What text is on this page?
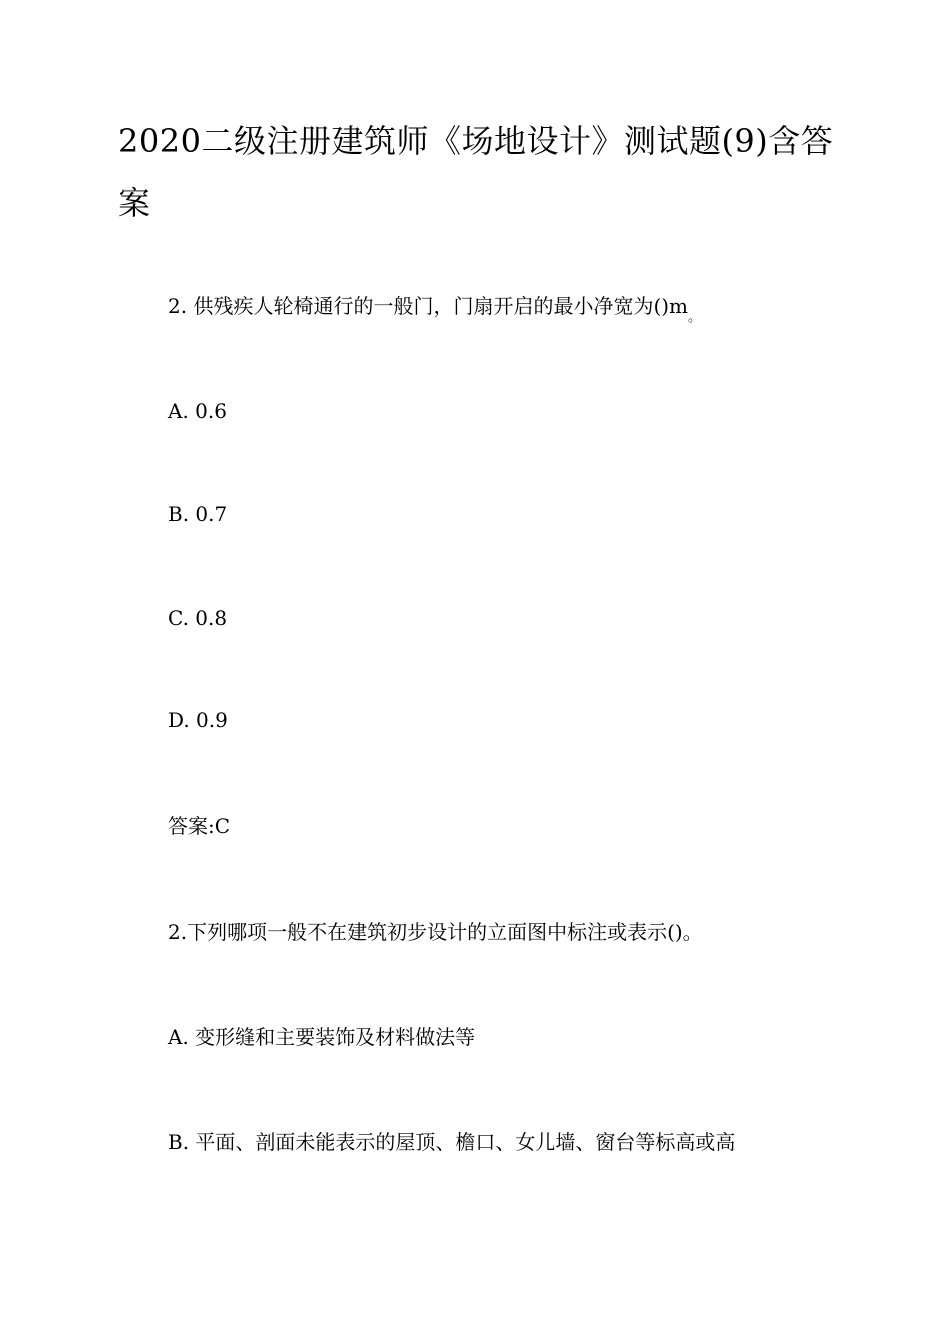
2020二级注册建筑师《场地设计》测试题(9)含答案

2. 供残疾人轮椅通行的一般门，门扇开启的最小净宽为$()m_。$

A. 0.6

B. 0.7

C. 0.8

D. 0.9

答案:C

2.下列哪项一般不在建筑初步设计的立面图中标注或表示()。

A. 变形缝和主要装饰及材料做法等

B. 平面、剖面未能表示的屋顶、檐口、女儿墙、窗台等标高或高
